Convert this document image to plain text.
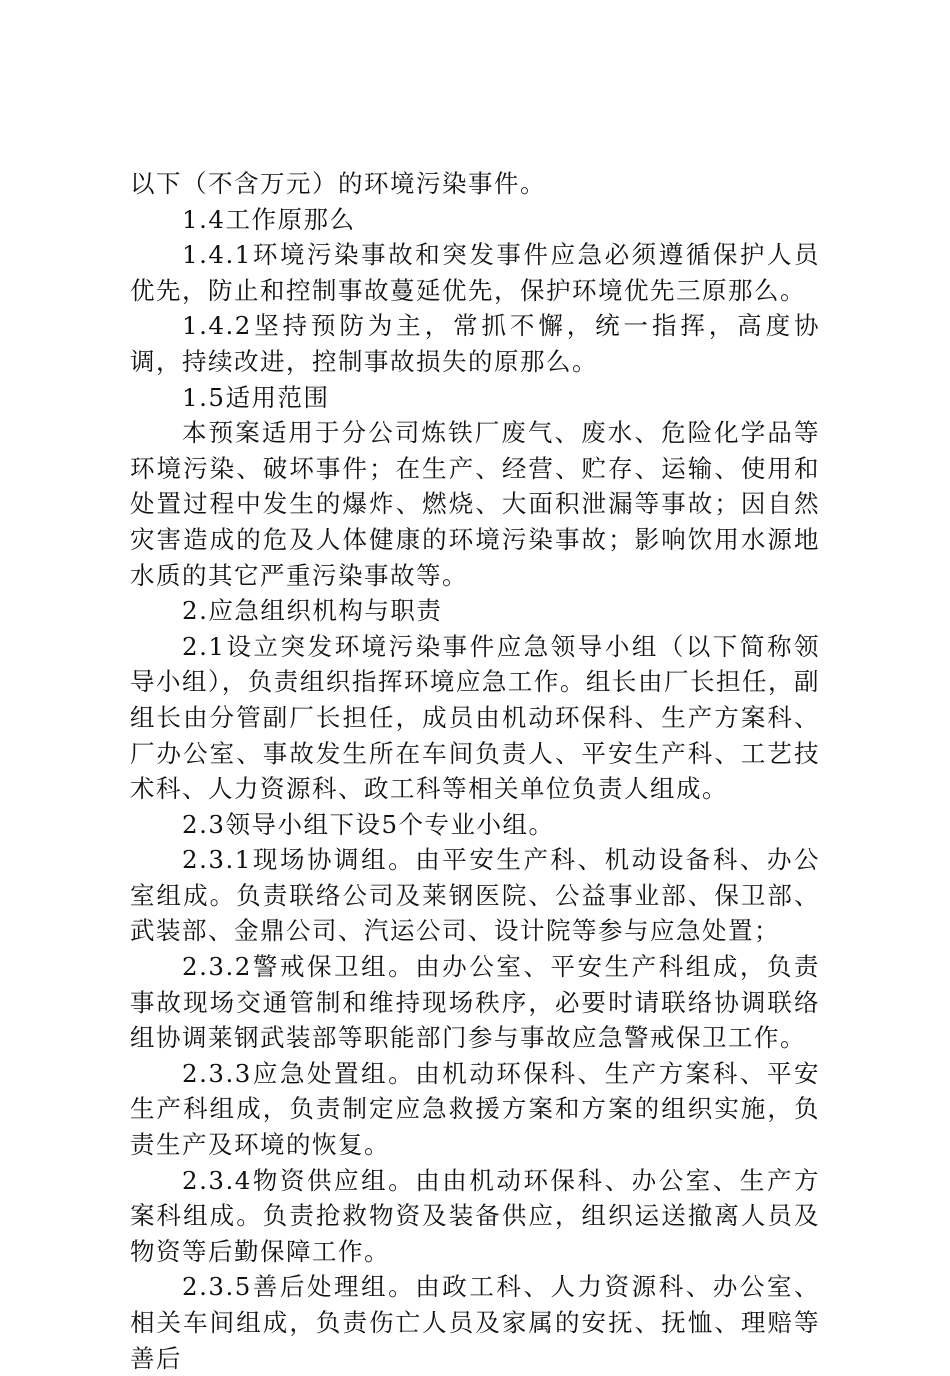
以下（不含万元）的环境污染事件。

1.4工作原那么

1.4.1环境污染事故和突发事件应急必须遵循保护人员优先，防止和控制事故蔓延优先，保护环境优先三原那么。

1.4.2坚持预防为主，常抓不懈，统一指挥，高度协调，持续改进，控制事故损失的原那么。

1.5适用范围

本预案适用于分公司炼铁厂废气、废水、危险化学品等环境污染、破坏事件；在生产、经营、贮存、运输、使用和处置过程中发生的爆炸、燃烧、大面积泄漏等事故；因自然灾害造成的危及人体健康的环境污染事故；影响饮用水源地水质的其它严重污染事故等。

2.应急组织机构与职责

2.1设立突发环境污染事件应急领导小组（以下简称领导小组），负责组织指挥环境应急工作。组长由厂长担任，副组长由分管副厂长担任，成员由机动环保科、生产方案科、厂办公室、事故发生所在车间负责人、平安生产科、工艺技术科、人力资源科、政工科等相关单位负责人组成。

2.3领导小组下设5个专业小组。

2.3.1现场协调组。由平安生产科、机动设备科、办公室组成。负责联络公司及莱钢医院、公益事业部、保卫部、武装部、金鼎公司、汽运公司、设计院等参与应急处置；

2.3.2警戒保卫组。由办公室、平安生产科组成，负责事故现场交通管制和维持现场秩序，必要时请联络协调联络组协调莱钢武装部等职能部门参与事故应急警戒保卫工作。

2.3.3应急处置组。由机动环保科、生产方案科、平安生产科组成，负责制定应急救援方案和方案的组织实施，负责生产及环境的恢复。

2.3.4物资供应组。由由机动环保科、办公室、生产方案科组成。负责抢救物资及装备供应，组织运送撤离人员及物资等后勤保障工作。

2.3.5善后处理组。由政工科、人力资源科、办公室、相关车间组成，负责伤亡人员及家属的安抚、抚恤、理赔等善后
